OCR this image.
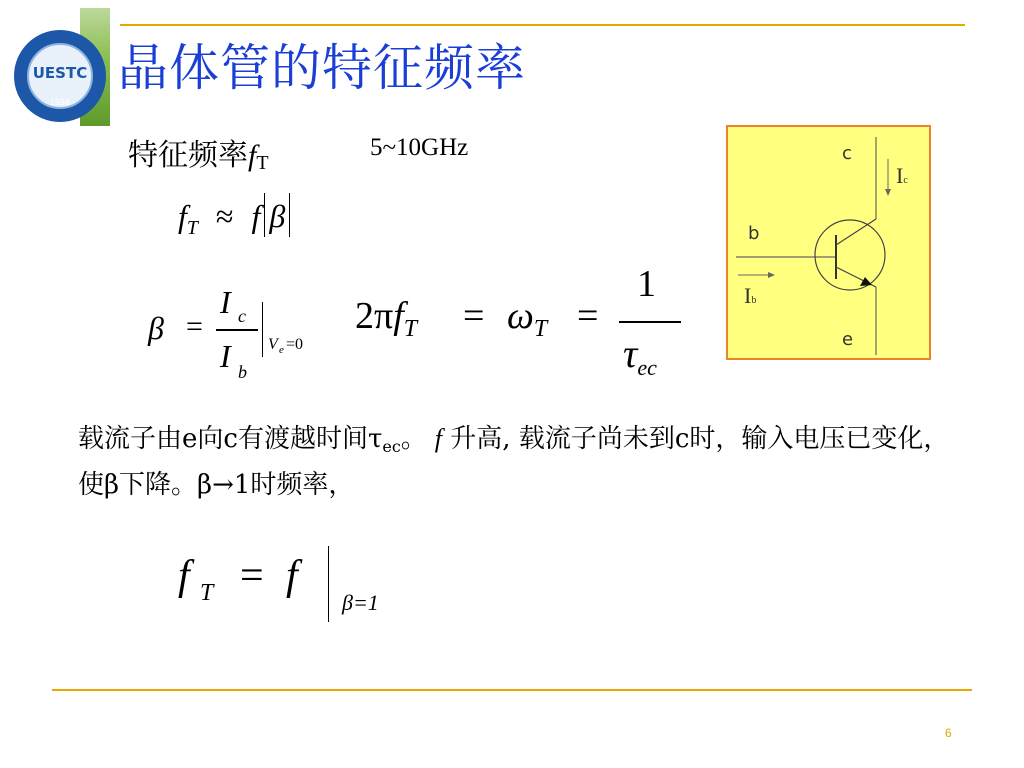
UESTC
1956
晶体管的特征频率
特征频率$f_T$
5~10GHz
$f_T \approx f$ β
β =
I c
I b
V e =0
$2\pi f_T = \omega_T$ =
1
$\tau_{ec}$
c
b
e
Ic
Ib
载流子由e向c有渡越时间τec。 f 升高, 载流子尚未到c时，输入电压已变化，使β下降。β→1时频率，
f T = f
β=1
6
